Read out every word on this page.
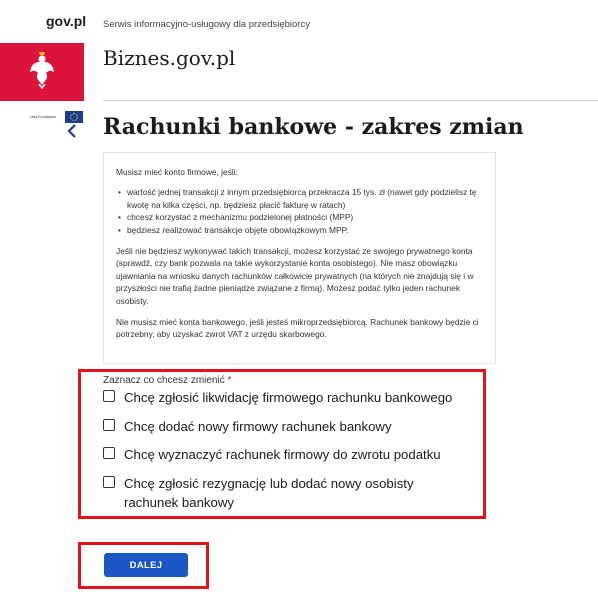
gov.pl Serwis informacyjno-usługowy dla przedsiębiorcy
Biznes.gov.pl
Unia Europejska Rachunki bankowe - zakres zmian

Musisz mieć konto firmowe, jeśli:

• wartość jednej transakcji z innym przedsiębiorcą przekracza 15 tys. zł (nawet gdy podzielisz tę kwotę na kilka części, np. będziesz płacić fakturę w ratach)
• chcesz korzystać z mechanizmu podzielonej płatności (MPP)
• będziesz realizować transakcje objęte obowiązkowym MPP.

Jeśli nie będziesz wykonywać takich transakcji, możesz korzystać ze swojego prywatnego konta (sprawdź, czy bank pozwala na takie wykorzystanie konta osobistego). Nie masz obowiązku ujawniania na wniosku danych rachunków całkowicie prywatnych (na których nie znajdują się i w przyszłości nie trafią żadne pieniądze związane z firmą). Możesz podać tylko jeden rachunek osobisty.

Nie musisz mieć konta bankowego, jeśli jesteś mikroprzedsiębiorcą. Rachunek bankowy będzie ci potrzebny, aby uzyskać zwrot VAT z urzędu skarbowego.

Zaznacz co chcesz zmienić *
Chcę zgłosić likwidację firmowego rachunku bankowego
Chcę dodać nowy firmowy rachunek bankowy
Chcę wyznaczyć rachunek firmowy do zwrotu podatku
Chcę zgłosić rezygnację lub dodać nowy osobisty rachunek bankowy
DALEJ
